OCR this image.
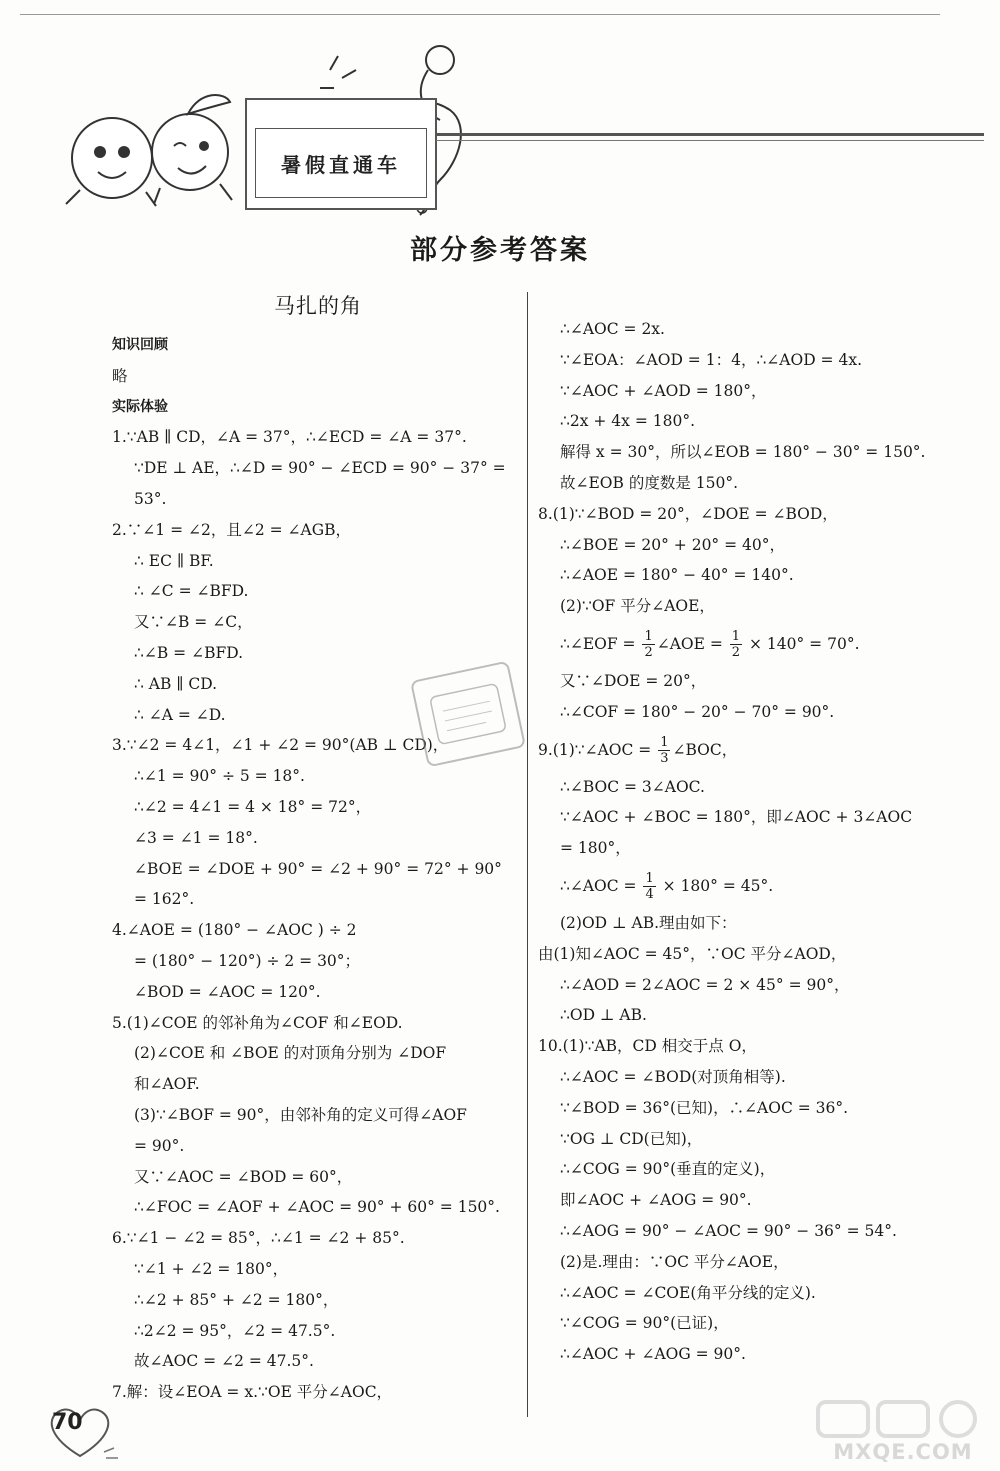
暑假直通车
部分参考答案
马扎的角
知识回顾
略
实际体验
1.∵AB ∥ CD，∠A = 37°，∴∠ECD = ∠A = 37°.
∵DE ⊥ AE，∴∠D = 90° − ∠ECD = 90° − 37° =
53°.
2.∵∠1 = ∠2，且∠2 = ∠AGB，
∴ EC ∥ BF.
∴ ∠C = ∠BFD.
又∵∠B = ∠C，
∴∠B = ∠BFD.
∴ AB ∥ CD.
∴ ∠A = ∠D.
3.∵∠2 = 4∠1，∠1 + ∠2 = 90°(AB ⊥ CD)，
∴∠1 = 90° ÷ 5 = 18°.
∴∠2 = 4∠1 = 4 × 18° = 72°，
∠3 = ∠1 = 18°.
∠BOE = ∠DOE + 90° = ∠2 + 90° = 72° + 90°
= 162°.
4.∠AOE = (180° − ∠AOC ) ÷ 2
= (180° − 120°) ÷ 2 = 30°；
∠BOD = ∠AOC = 120°.
5.(1)∠COE 的邻补角为∠COF 和∠EOD.
(2)∠COE 和 ∠BOE 的对顶角分别为 ∠DOF
和∠AOF.
(3)∵∠BOF = 90°，由邻补角的定义可得∠AOF
= 90°.
又∵∠AOC = ∠BOD = 60°，
∴∠FOC = ∠AOF + ∠AOC = 90° + 60° = 150°.
6.∵∠1 − ∠2 = 85°，∴∠1 = ∠2 + 85°.
∵∠1 + ∠2 = 180°，
∴∠2 + 85° + ∠2 = 180°，
∴2∠2 = 95°，∠2 = 47.5°.
故∠AOC = ∠2 = 47.5°.
7.解：设∠EOA = x.∵OE 平分∠AOC，
∴∠AOC = 2x.
∵∠EOA：∠AOD = 1：4，∴∠AOD = 4x.
∵∠AOC + ∠AOD = 180°，
∴2x + 4x = 180°.
解得 x = 30°，所以∠EOB = 180° − 30° = 150°.
故∠EOB 的度数是 150°.
8.(1)∵∠BOD = 20°，∠DOE = ∠BOD，
∴∠BOE = 20° + 20° = 40°，
∴∠AOE = 180° − 40° = 140°.
(2)∵OF 平分∠AOE，
∴∠EOF = $\frac{1}{2}$ ∠AOE = $\frac{1}{2} \times 140^\circ = 70^\circ$.
又∵∠DOE = 20°，
∴∠COF = 180° − 20° − 70° = 90°.
9.(1)∵∠AOC = $\frac{1}{3}$ ∠BOC，
∴∠BOC = 3∠AOC.
∵∠AOC + ∠BOC = 180°，即∠AOC + 3∠AOC
= 180°，
∴∠AOC = $\frac{1}{4} \times 180^\circ = 45^\circ$.
(2)OD ⊥ AB.理由如下：
由(1)知∠AOC = 45°，∵OC 平分∠AOD，
∴∠AOD = 2∠AOC = 2 × 45° = 90°，
∴OD ⊥ AB.
10.(1)∵AB，CD 相交于点 O，
∴∠AOC = ∠BOD(对顶角相等).
∵∠BOD = 36°(已知)，∴∠AOC = 36°.
∵OG ⊥ CD(已知)，
∴∠COG = 90°(垂直的定义)，
即∠AOC + ∠AOG = 90°.
∴∠AOG = 90° − ∠AOC = 90° − 36° = 54°.
(2)是.理由：∵OC 平分∠AOE，
∴∠AOC = ∠COE(角平分线的定义).
∵∠COG = 90°(已证)，
∴∠AOC + ∠AOG = 90°.
70
MXQE.COM
